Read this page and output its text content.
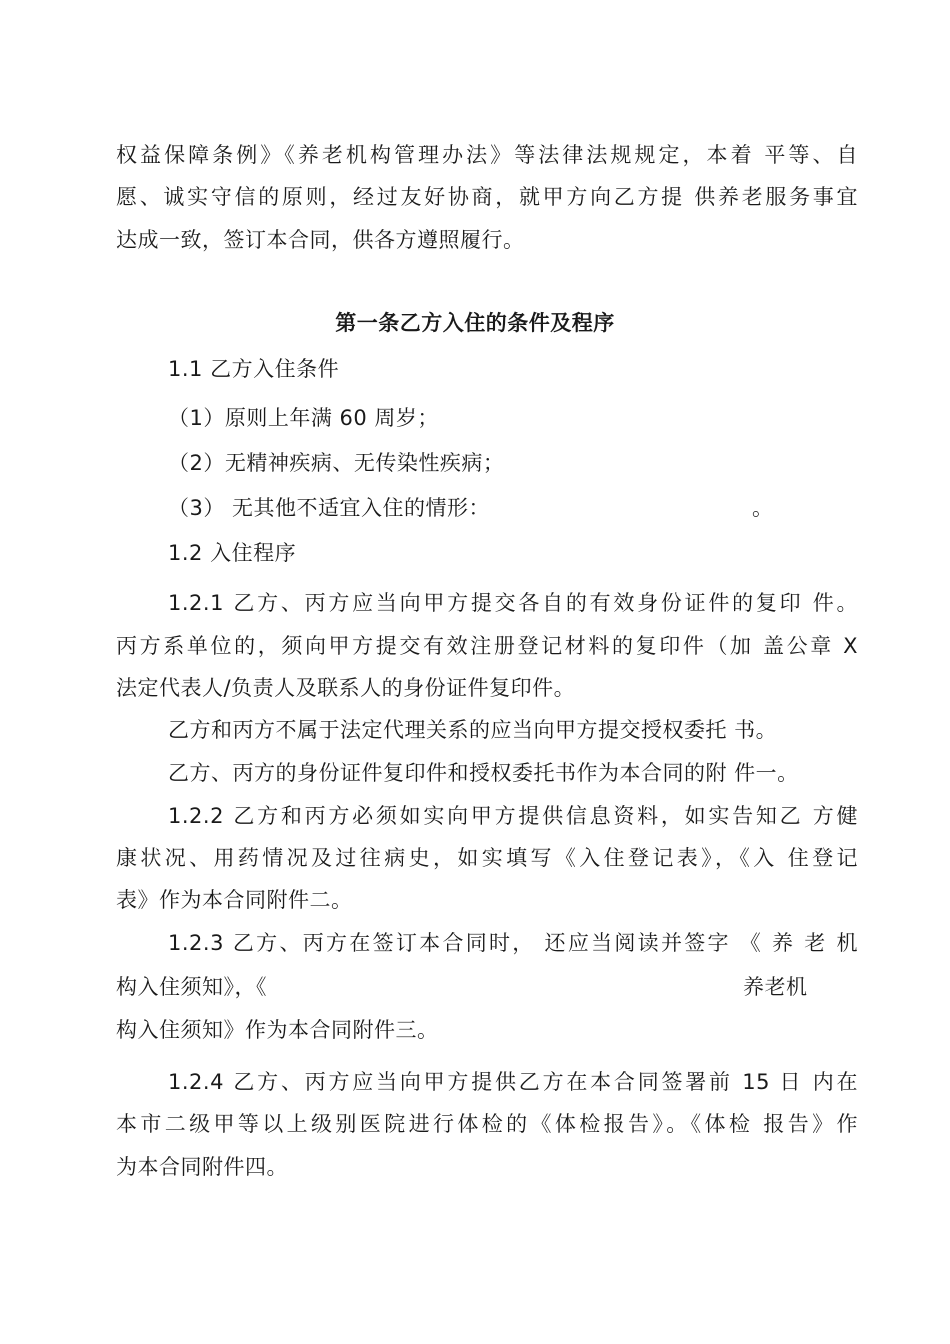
权益保障条例》《养老机构管理办法》等法律法规规定，本着 平等、自
愿、诚实守信的原则，经过友好协商，就甲方向乙方提 供养老服务事宜
达成一致，签订本合同，供各方遵照履行。
第一条乙方入住的条件及程序
1.1 乙方入住条件
（1）原则上年满 60 周岁；
（2）无精神疾病、无传染性疾病；
（3） 无其他不适宜入住的情形：	。
1.2 入住程序
1.2.1 乙方、丙方应当向甲方提交各自的有效身份证件的复印 件。
丙方系单位的，须向甲方提交有效注册登记材料的复印件（加 盖公章 X
法定代表人/负责人及联系人的身份证件复印件。
乙方和丙方不属于法定代理关系的应当向甲方提交授权委托 书。
乙方、丙方的身份证件复印件和授权委托书作为本合同的附 件一。
1.2.2 乙方和丙方必须如实向甲方提供信息资料，如实告知乙 方健
康状况、用药情况及过往病史，如实填写《入住登记表》，《入 住登记
表》作为本合同附件二。
1.2.3 乙方、丙方在签订本合同时， 还应当阅读并签字 《 养 老 机
构入住须知》，《	养老机
构入住须知》作为本合同附件三。
1.2.4 乙方、丙方应当向甲方提供乙方在本合同签署前 15 日 内在
本市二级甲等以上级别医院进行体检的《体检报告》。《体检 报告》作
为本合同附件四。
